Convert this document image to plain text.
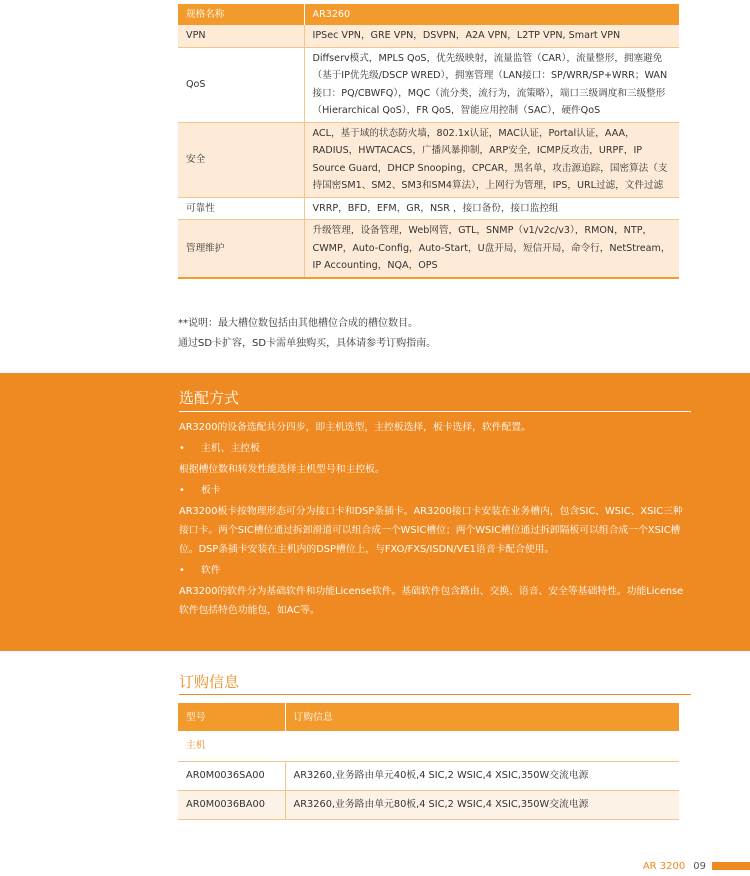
规格名称	AR3260
VPN	IPSec VPN，GRE VPN，DSVPN，A2A VPN，L2TP VPN, Smart VPN
QoS	Diffserv模式，MPLS QoS，优先级映射，流量监管（CAR），流量整形，拥塞避免（基于IP优先级/DSCP WRED），拥塞管理（LAN接口：SP/WRR/SP+WRR；WAN 接口：PQ/CBWFQ），MQC（流分类，流行为，流策略），端口三级调度和三级整形（Hierarchical QoS），FR QoS，智能应用控制（SAC），硬件QoS
安全	ACL，基于域的状态防火墙，802.1x认证，MAC认证，Portal认证，AAA，RADIUS，HWTACACS，广播风暴抑制，ARP安全，ICMP反攻击，URPF，IP Source Guard，DHCP Snooping，CPCAR，黑名单，攻击源追踪，国密算法（支持国密SM1、SM2、SM3和SM4算法），上网行为管理，IPS，URL过滤，文件过滤
可靠性	VRRP，BFD，EFM，GR，NSR ，接口备份，接口监控组
管理维护	升级管理，设备管理，Web网管，GTL，SNMP（v1/v2c/v3），RMON，NTP，CWMP，Auto-Config，Auto-Start，U盘开局，短信开局，命令行，NetStream，IP Accounting，NQA，OPS

**说明：最大槽位数包括由其他槽位合成的槽位数目。

通过SD卡扩容，SD卡需单独购买，具体请参考订购指南。

选配方式

AR3200的设备选配共分四步，即主机选型，主控板选择，板卡选择，软件配置。

• 主机、主控板

根据槽位数和转发性能选择主机型号和主控板。

• 板卡

AR3200板卡按物理形态可分为接口卡和DSP条插卡。AR3200接口卡安装在业务槽内，包含SIC、WSIC、XSIC三种接口卡。两个SIC槽位通过拆卸滑道可以组合成一个WSIC槽位；两个WSIC槽位通过拆卸隔板可以组合成一个XSIC槽位。DSP条插卡安装在主机内的DSP槽位上，与FXO/FXS/ISDN/VE1语音卡配合使用。

• 软件

AR3200的软件分为基础软件和功能License软件。基础软件包含路由、交换、语音、安全等基础特性。功能License软件包括特色功能包，如AC等。

订购信息
型号	订购信息
主机	
AR0M0036SA00	AR3260,业务路由单元40板,4 SIC,2 WSIC,4 XSIC,350W交流电源
AR0M0036BA00	AR3260,业务路由单元80板,4 SIC,2 WSIC,4 XSIC,350W交流电源
AR 3200 09
